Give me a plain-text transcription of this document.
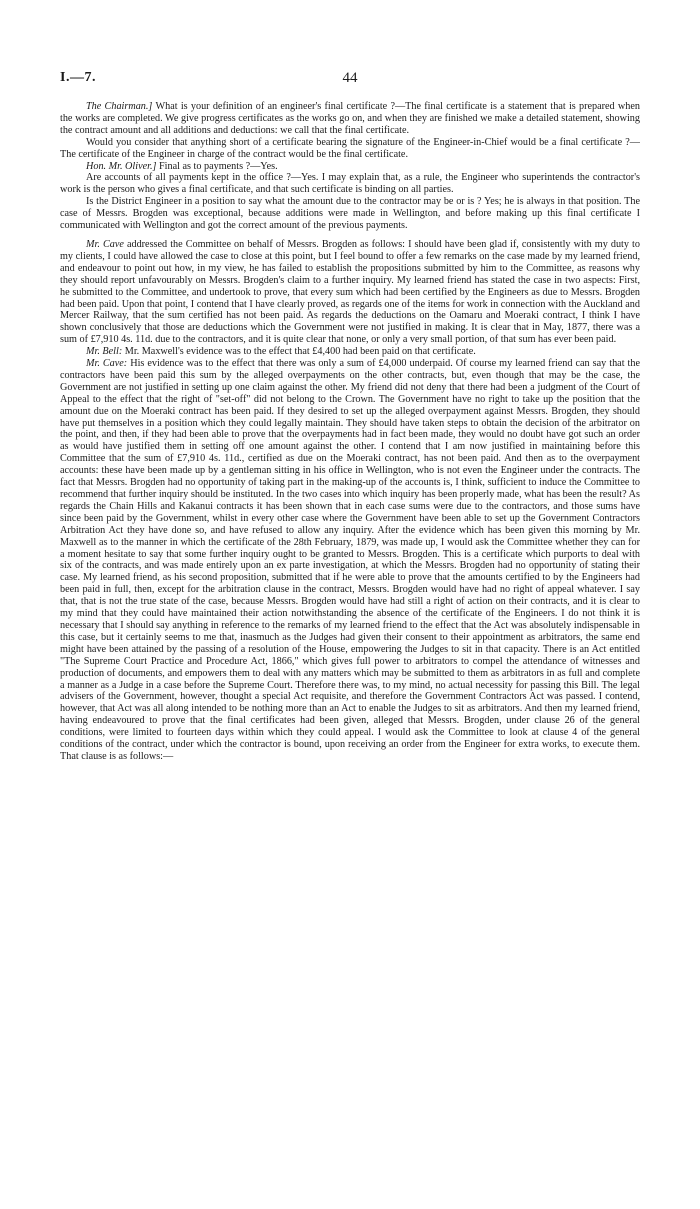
44
I.—7.

The Chairman.] What is your definition of an engineer's final certificate ?—The final certificate is a statement that is prepared when the works are completed. We give progress certificates as the works go on, and when they are finished we make a detailed statement, showing the contract amount and all additions and deductions: we call that the final certificate.

Would you consider that anything short of a certificate bearing the signature of the Engineer-in-Chief would be a final certificate ?—The certificate of the Engineer in charge of the contract would be the final certificate.

Hon. Mr. Oliver.] Final as to payments ?—Yes.

Are accounts of all payments kept in the office ?—Yes. I may explain that, as a rule, the Engineer who superintends the contractor's work is the person who gives a final certificate, and that such certificate is binding on all parties.

Is the District Engineer in a position to say what the amount due to the contractor may be or is ? Yes; he is always in that position. The case of Messrs. Brogden was exceptional, because additions were made in Wellington, and before making up this final certificate I communicated with Wellington and got the correct amount of the previous payments.

Mr. Cave addressed the Committee on behalf of Messrs. Brogden as follows: I should have been glad if, consistently with my duty to my clients, I could have allowed the case to close at this point, but I feel bound to offer a few remarks on the case made by my learned friend, and endeavour to point out how, in my view, he has failed to establish the propositions submitted by him to the Committee, as reasons why they should report unfavourably on Messrs. Brogden's claim to a further inquiry. My learned friend has stated the case in two aspects: First, he submitted to the Committee, and undertook to prove, that every sum which had been certified by the Engineers as due to Messrs. Brogden had been paid. Upon that point, I contend that I have clearly proved, as regards one of the items for work in connection with the Auckland and Mercer Railway, that the sum certified has not been paid. As regards the deductions on the Oamaru and Moeraki contract, I think I have shown conclusively that those are deductions which the Government were not justified in making. It is clear that in May, 1877, there was a sum of £7,910 4s. 11d. due to the contractors, and it is quite clear that none, or only a very small portion, of that sum has ever been paid.

Mr. Bell: Mr. Maxwell's evidence was to the effect that £4,400 had been paid on that certificate.

Mr. Cave: His evidence was to the effect that there was only a sum of £4,000 underpaid. Of course my learned friend can say that the contractors have been paid this sum by the alleged overpayments on the other contracts, but, even though that may be the case, the Government are not justified in setting up one claim against the other. My friend did not deny that there had been a judgment of the Court of Appeal to the effect that the right of "set-off" did not belong to the Crown. The Government have no right to take up the position that the amount due on the Moeraki contract has been paid. If they desired to set up the alleged overpayment against Messrs. Brogden, they should have put themselves in a position which they could legally maintain. They should have taken steps to obtain the decision of the arbitrator on the point, and then, if they had been able to prove that the overpayments had in fact been made, they would no doubt have got such an order as would have justified them in setting off one amount against the other. I contend that I am now justified in maintaining before this Committee that the sum of £7,910 4s. 11d., certified as due on the Moeraki contract, has not been paid. And then as to the overpayment accounts: these have been made up by a gentleman sitting in his office in Wellington, who is not even the Engineer under the contracts. The fact that Messrs. Brogden had no opportunity of taking part in the making-up of the accounts is, I think, sufficient to induce the Committee to recommend that further inquiry should be instituted. In the two cases into which inquiry has been properly made, what has been the result? As regards the Chain Hills and Kakanui contracts it has been shown that in each case sums were due to the contractors, and those sums have since been paid by the Government, whilst in every other case where the Government have been able to set up the Government Contractors Arbitration Act they have done so, and have refused to allow any inquiry. After the evidence which has been given this morning by Mr. Maxwell as to the manner in which the certificate of the 28th February, 1879, was made up, I would ask the Committee whether they can for a moment hesitate to say that some further inquiry ought to be granted to Messrs. Brogden. This is a certificate which purports to deal with six of the contracts, and was made entirely upon an ex parte investigation, at which the Messrs. Brogden had no opportunity of stating their case. My learned friend, as his second proposition, submitted that if he were able to prove that the amounts certified to by the Engineers had been paid in full, then, except for the arbitration clause in the contract, Messrs. Brogden would have had no right of appeal whatever. I say that, that is not the true state of the case, because Messrs. Brogden would have had still a right of action on their contracts, and it is clear to my mind that they could have maintained their action notwithstanding the absence of the certificate of the Engineers. I do not think it is necessary that I should say anything in reference to the remarks of my learned friend to the effect that the Act was absolutely indispensable in this case, but it certainly seems to me that, inasmuch as the Judges had given their consent to their appointment as arbitrators, the same end might have been attained by the passing of a resolution of the House, empowering the Judges to sit in that capacity. There is an Act entitled "The Supreme Court Practice and Procedure Act, 1866," which gives full power to arbitrators to compel the attendance of witnesses and production of documents, and empowers them to deal with any matters which may be submitted to them as arbitrators in as full and complete a manner as a Judge in a case before the Supreme Court. Therefore there was, to my mind, no actual necessity for passing this Bill. The legal advisers of the Government, however, thought a special Act requisite, and therefore the Government Contractors Act was passed. I contend, however, that Act was all along intended to be nothing more than an Act to enable the Judges to sit as arbitrators. And then my learned friend, having endeavoured to prove that the final certificates had been given, alleged that Messrs. Brogden, under clause 26 of the general conditions, were limited to fourteen days within which they could appeal. I would ask the Committee to look at clause 4 of the general conditions of the contract, under which the contractor is bound, upon receiving an order from the Engineer for extra works, to execute them. That clause is as follows:—
